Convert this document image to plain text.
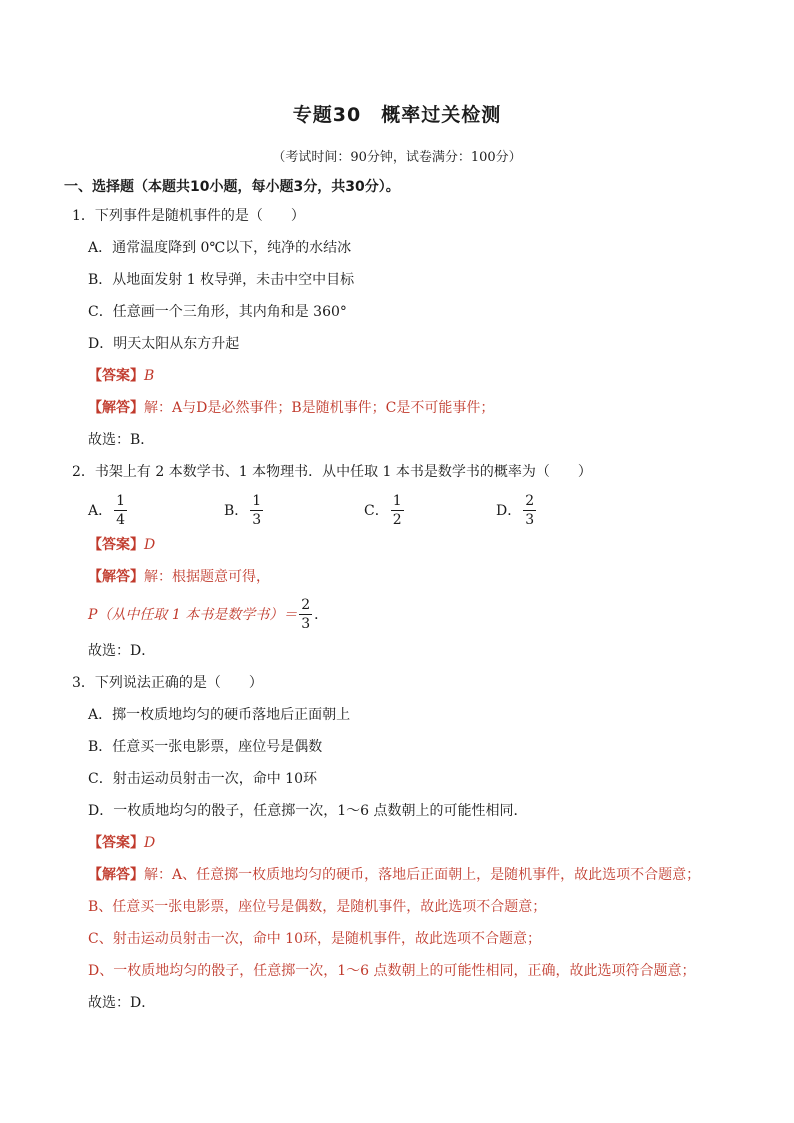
专题30　概率过关检测
（考试时间：90分钟，试卷满分：100分）
一、选择题（本题共10小题，每小题3分，共30分）。
1．下列事件是随机事件的是（　　）
A．通常温度降到 0℃以下，纯净的水结冰
B．从地面发射 1 枚导弹，未击中空中目标
C．任意画一个三角形，其内角和是 360°
D．明天太阳从东方升起
【答案】B
【解答】解：A与D是必然事件；B是随机事件；C是不可能事件；
故选：B．
2．书架上有 2 本数学书、1 本物理书．从中任取 1 本书是数学书的概率为（　　）
A． $\frac{1}{4}$	B． $\frac{1}{3}$	C． $\frac{1}{2}$	D． $\frac{2}{3}$
【答案】D
【解答】解：根据题意可得，
P（从中任取 1 本书是数学书）＝ $\frac{2}{3}$ ．
故选：D．
3．下列说法正确的是（　　）
A．掷一枚质地均匀的硬币落地后正面朝上
B．任意买一张电影票，座位号是偶数
C．射击运动员射击一次，命中 10环
D．一枚质地均匀的骰子，任意掷一次，1～6 点数朝上的可能性相同．
【答案】D
【解答】解：A、任意掷一枚质地均匀的硬币，落地后正面朝上，是随机事件，故此选项不合题意；
B、任意买一张电影票，座位号是偶数，是随机事件，故此选项不合题意；
C、射击运动员射击一次，命中 10环，是随机事件，故此选项不合题意；
D、一枚质地均匀的骰子，任意掷一次，1～6 点数朝上的可能性相同，正确，故此选项符合题意；
故选：D．
